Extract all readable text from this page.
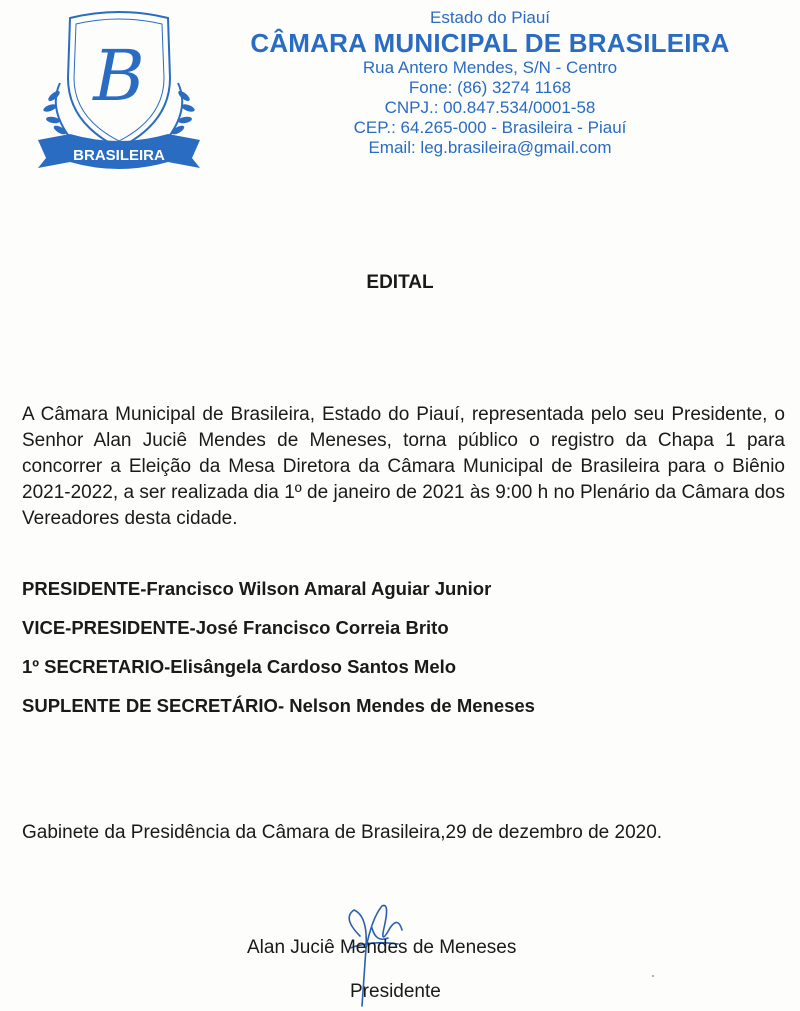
B
BRASILEIRA
Estado do Piauí
CÂMARA MUNICIPAL DE BRASILEIRA
Rua Antero Mendes, S/N - Centro
Fone: (86) 3274 1168
CNPJ.: 00.847.534/0001-58
CEP.: 64.265-000 - Brasileira - Piauí
Email: leg.brasileira@gmail.com
EDITAL
A Câmara Municipal de Brasileira, Estado do Piauí, representada pelo seu Presidente, o Senhor Alan Juciê Mendes de Meneses, torna público o registro da Chapa 1 para concorrer a Eleição da Mesa Diretora da Câmara Municipal de Brasileira para o Biênio 2021-2022, a ser realizada dia 1º de janeiro de 2021 às 9:00 h no Plenário da Câmara dos Vereadores desta cidade.
PRESIDENTE-Francisco Wilson Amaral Aguiar Junior
VICE-PRESIDENTE-José Francisco Correia Brito
1º SECRETARIO-Elisângela Cardoso Santos Melo
SUPLENTE DE SECRETÁRIO- Nelson Mendes de Meneses
Gabinete da Presidência da Câmara de Brasileira,29 de dezembro de 2020.
Alan Juciê Mendes de Meneses
Presidente
